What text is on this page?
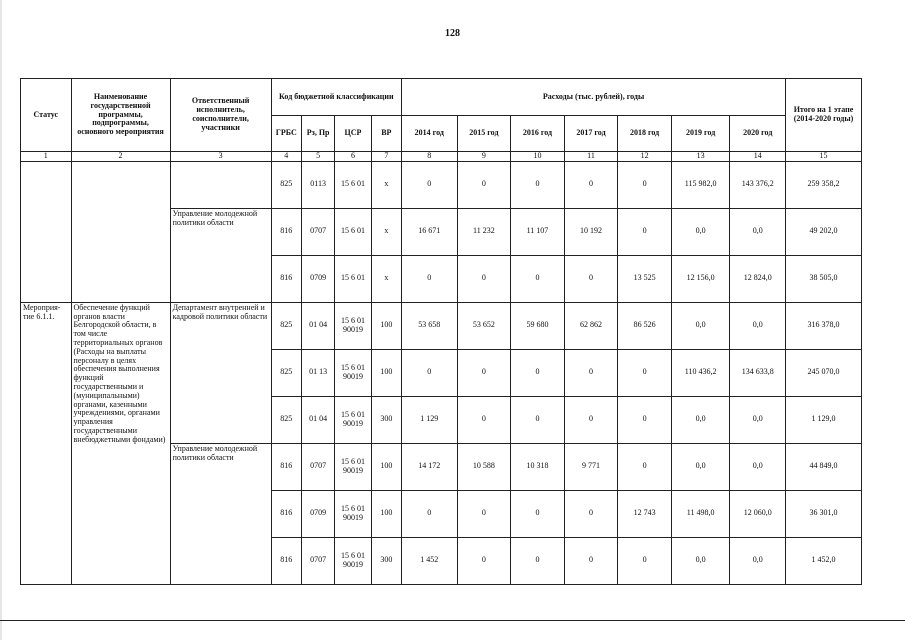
128
Статус	Наименование государственной программы, подпрограммы, основного мероприятия	Ответственный исполнитель, соисполнители, участники	Код бюджетной классификации				Расходы (тыс. рублей), годы							Итого на 1 этапе (2014-2020 годы)
			ГРБС	Рз, Пр	ЦСР	ВР	2014 год	2015 год	2016 год	2017 год	2018 год	2019 год	2020 год	
1	2	3	4	5	6	7	8	9	10	11	12	13	14	15
			825	0113	15 6 01	х	0	0	0	0	0	115 982,0	143 376,2	259 358,2
		Управление молодежной политики области	816	0707	15 6 01	х	16 671	11 232	11 107	10 192	0	0,0	0,0	49 202,0
			816	0709	15 6 01	х	0	0	0	0	13 525	12 156,0	12 824,0	38 505,0
Мероприя-тие 6.1.1.	Обеспечение функций органов власти Белгородской области, в том числе территориальных органов (Расходы на выплаты персоналу в целях обеспечения выполнения функций государственными и (муниципальными) органами, казенными учреждениями, органами управления государственными внебюджетными фондами)	Департамент внутренней и кадровой политики области	825	01 04	15 6 01 90019	100	53 658	53 652	59 680	62 862	86 526	0,0	0,0	316 378,0
			825	01 13	15 6 01 90019	100	0	0	0	0	0	110 436,2	134 633,8	245 070,0
			825	01 04	15 6 01 90019	300	1 129	0	0	0	0	0,0	0,0	1 129,0
		Управление молодежной политики области	816	0707	15 6 01 90019	100	14 172	10 588	10 318	9 771	0	0,0	0,0	44 849,0
			816	0709	15 6 01 90019	100	0	0	0	0	12 743	11 498,0	12 060,0	36 301,0
			816	0707	15 6 01 90019	300	1 452	0	0	0	0	0,0	0,0	1 452,0
